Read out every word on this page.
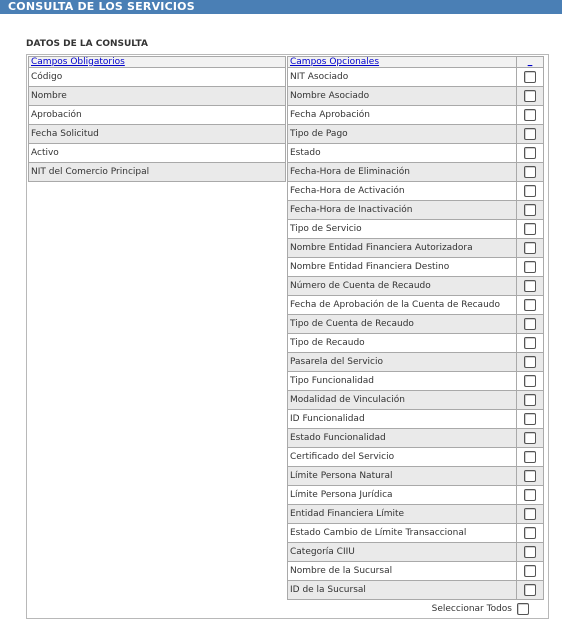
CONSULTA DE LOS SERVICIOS
DATOS DE LA CONSULTA
Campos Obligatorios
Código
Nombre
Aprobación
Fecha Solicitud
Activo
NIT del Comercio Principal
Campos Opcionales	_
NIT Asociado	
Nombre Asociado	
Fecha Aprobación	
Tipo de Pago	
Estado	
Fecha-Hora de Eliminación	
Fecha-Hora de Activación	
Fecha-Hora de Inactivación	
Tipo de Servicio	
Nombre Entidad Financiera Autorizadora	
Nombre Entidad Financiera Destino	
Número de Cuenta de Recaudo	
Fecha de Aprobación de la Cuenta de Recaudo	
Tipo de Cuenta de Recaudo	
Tipo de Recaudo	
Pasarela del Servicio	
Tipo Funcionalidad	
Modalidad de Vinculación	
ID Funcionalidad	
Estado Funcionalidad	
Certificado del Servicio	
Límite Persona Natural	
Límite Persona Jurídica	
Entidad Financiera Límite	
Estado Cambio de Límite Transaccional	
Categoría CIIU	
Nombre de la Sucursal	
ID de la Sucursal	
Seleccionar Todos
